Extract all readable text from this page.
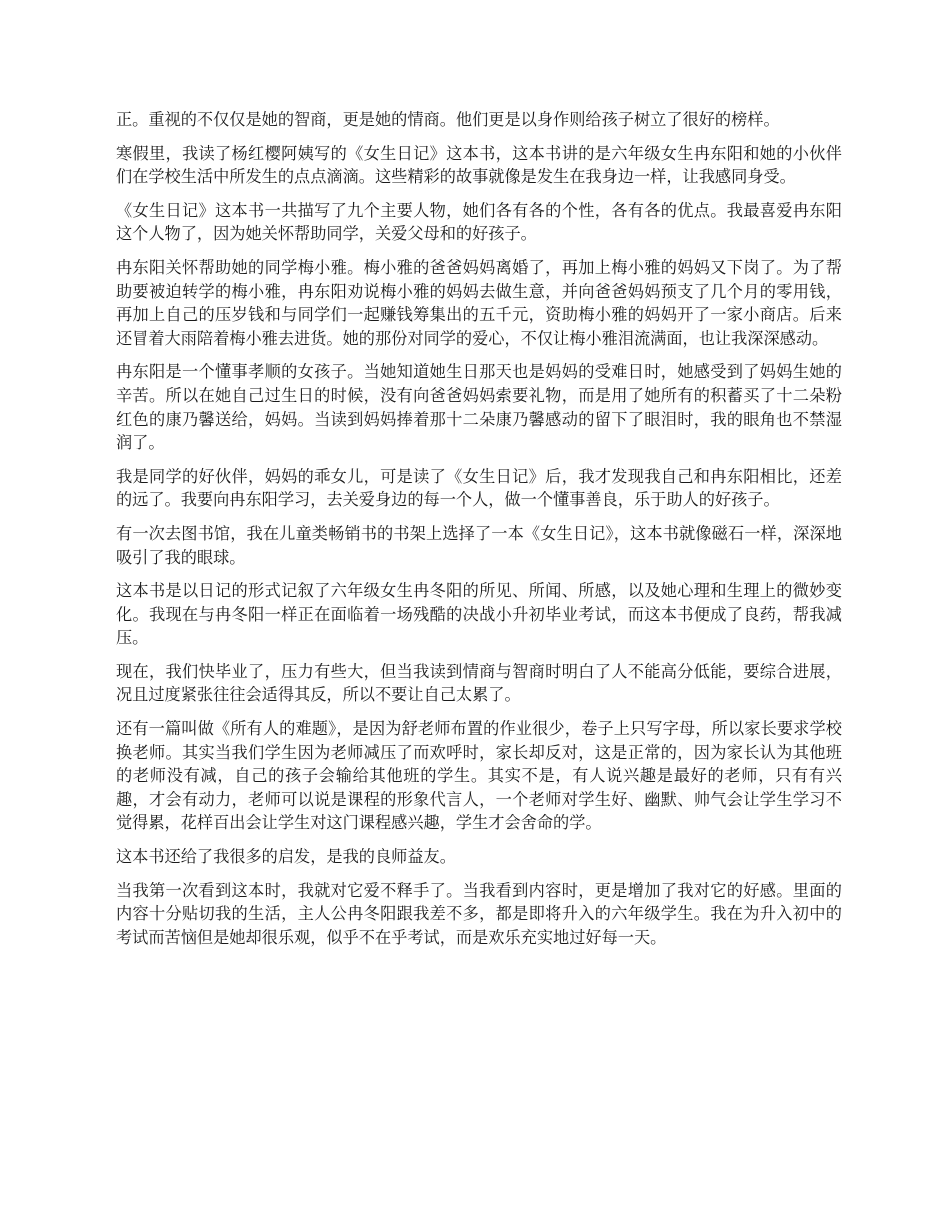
正。重视的不仅仅是她的智商，更是她的情商。他们更是以身作则给孩子树立了很好的榜样。

寒假里，我读了杨红樱阿姨写的《女生日记》这本书，这本书讲的是六年级女生冉东阳和她的小伙伴们在学校生活中所发生的点点滴滴。这些精彩的故事就像是发生在我身边一样，让我感同身受。

《女生日记》这本书一共描写了九个主要人物，她们各有各的个性，各有各的优点。我最喜爱冉东阳这个人物了，因为她关怀帮助同学，关爱父母和的好孩子。

冉东阳关怀帮助她的同学梅小雅。梅小雅的爸爸妈妈离婚了，再加上梅小雅的妈妈又下岗了。为了帮助要被迫转学的梅小雅，冉东阳劝说梅小雅的妈妈去做生意，并向爸爸妈妈预支了几个月的零用钱，再加上自己的压岁钱和与同学们一起赚钱筹集出的五千元，资助梅小雅的妈妈开了一家小商店。后来还冒着大雨陪着梅小雅去进货。她的那份对同学的爱心，不仅让梅小雅泪流满面，也让我深深感动。

冉东阳是一个懂事孝顺的女孩子。当她知道她生日那天也是妈妈的受难日时，她感受到了妈妈生她的辛苦。所以在她自己过生日的时候，没有向爸爸妈妈索要礼物，而是用了她所有的积蓄买了十二朵粉红色的康乃馨送给，妈妈。当读到妈妈捧着那十二朵康乃馨感动的留下了眼泪时，我的眼角也不禁湿润了。

我是同学的好伙伴，妈妈的乖女儿，可是读了《女生日记》后，我才发现我自己和冉东阳相比，还差的远了。我要向冉东阳学习，去关爱身边的每一个人，做一个懂事善良，乐于助人的好孩子。

有一次去图书馆，我在儿童类畅销书的书架上选择了一本《女生日记》，这本书就像磁石一样，深深地吸引了我的眼球。

这本书是以日记的形式记叙了六年级女生冉冬阳的所见、所闻、所感，以及她心理和生理上的微妙变化。我现在与冉冬阳一样正在面临着一场残酷的决战小升初毕业考试，而这本书便成了良药，帮我减压。

现在，我们快毕业了，压力有些大，但当我读到情商与智商时明白了人不能高分低能，要综合进展，况且过度紧张往往会适得其反，所以不要让自己太累了。

还有一篇叫做《所有人的难题》，是因为舒老师布置的作业很少，卷子上只写字母，所以家长要求学校换老师。其实当我们学生因为老师减压了而欢呼时，家长却反对，这是正常的，因为家长认为其他班的老师没有减，自己的孩子会输给其他班的学生。其实不是，有人说兴趣是最好的老师，只有有兴趣，才会有动力，老师可以说是课程的形象代言人，一个老师对学生好、幽默、帅气会让学生学习不觉得累，花样百出会让学生对这门课程感兴趣，学生才会舍命的学。

这本书还给了我很多的启发，是我的良师益友。

当我第一次看到这本时，我就对它爱不释手了。当我看到内容时，更是增加了我对它的好感。里面的内容十分贴切我的生活，主人公冉冬阳跟我差不多，都是即将升入的六年级学生。我在为升入初中的考试而苦恼但是她却很乐观，似乎不在乎考试，而是欢乐充实地过好每一天。
